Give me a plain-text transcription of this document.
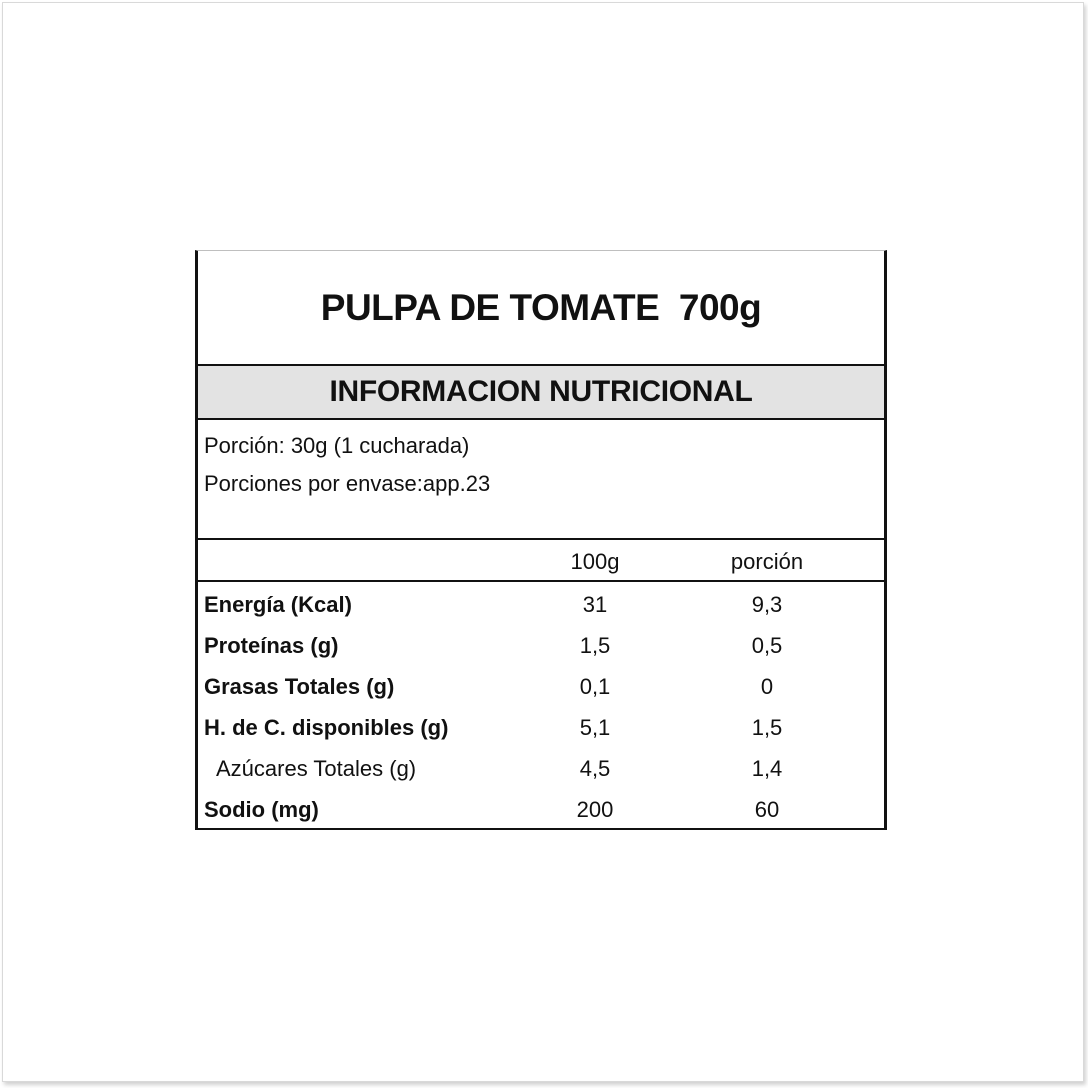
PULPA DE TOMATE  700g
INFORMACION NUTRICIONAL
Porción: 30g (1 cucharada)
Porciones por envase:app.23
100g	porción
Energía (Kcal)	31	9,3
Proteínas (g)	1,5	0,5
Grasas Totales (g)	0,1	0
H. de C. disponibles (g)	5,1	1,5
Azúcares Totales (g)	4,5	1,4
Sodio (mg)	200	60
